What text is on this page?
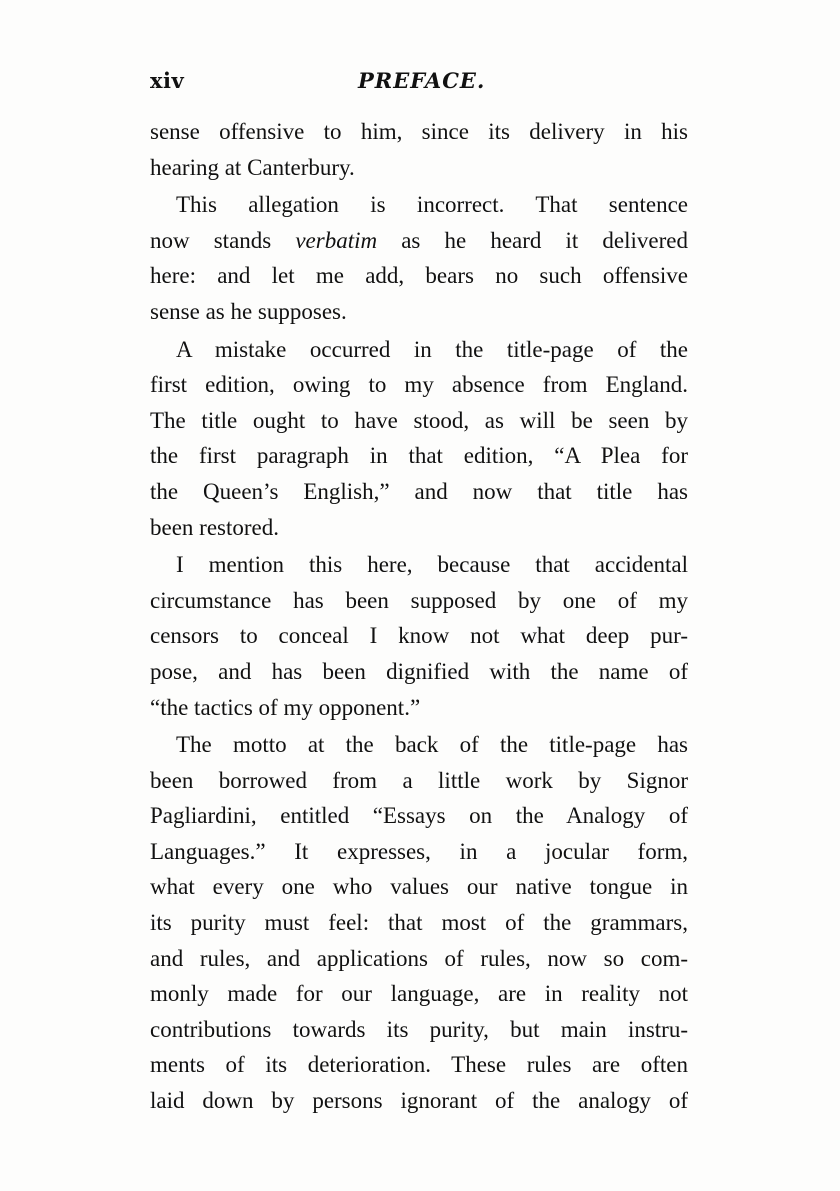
xiv	PREFACE.
sense offensive to him, since its delivery in his
hearing at Canterbury.
This allegation is incorrect. That sentence
now stands verbatim as he heard it delivered
here: and let me add, bears no such offensive
sense as he supposes.
A mistake occurred in the title-page of the
first edition, owing to my absence from England.
The title ought to have stood, as will be seen by
the first paragraph in that edition, “A Plea for
the Queen’s English,” and now that title has
been restored.
I mention this here, because that accidental
circumstance has been supposed by one of my
censors to conceal I know not what deep pur-
pose, and has been dignified with the name of
“the tactics of my opponent.”
The motto at the back of the title-page has
been borrowed from a little work by Signor
Pagliardini, entitled “Essays on the Analogy of
Languages.” It expresses, in a jocular form,
what every one who values our native tongue in
its purity must feel: that most of the grammars,
and rules, and applications of rules, now so com-
monly made for our language, are in reality not
contributions towards its purity, but main instru-
ments of its deterioration. These rules are often
laid down by persons ignorant of the analogy of
